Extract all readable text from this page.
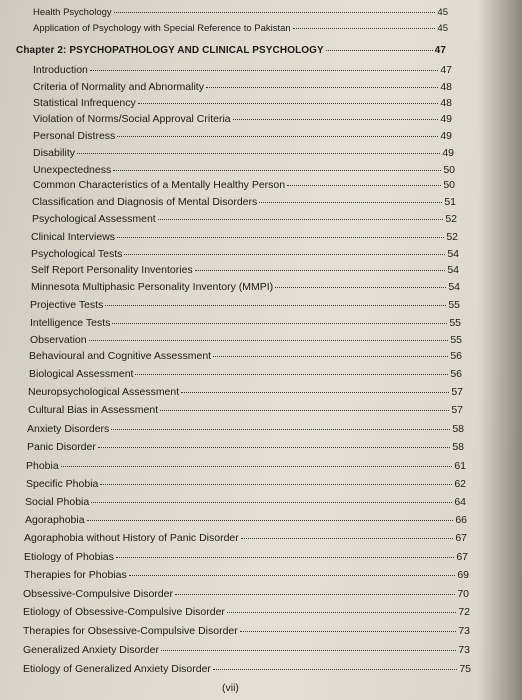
Health Psychology	45
Application of Psychology with Special Reference to Pakistan	45
Chapter 2: PSYCHOPATHOLOGY AND CLINICAL PSYCHOLOGY	47
Introduction	47
Criteria of Normality and Abnormality	48
Statistical Infrequency	48
Violation of Norms/Social Approval Criteria	49
Personal Distress	49
Disability	49
Unexpectedness	50
Common Characteristics of a Mentally Healthy Person	50
Classification and Diagnosis of Mental Disorders	51
Psychological Assessment	52
Clinical Interviews	52
Psychological Tests	54
Self Report Personality Inventories	54
Minnesota Multiphasic Personality Inventory (MMPI)	54
Projective Tests	55
Intelligence Tests	55
Observation	55
Behavioural and Cognitive Assessment	56
Biological Assessment	56
Neuropsychological Assessment	57
Cultural Bias in Assessment	57
Anxiety Disorders	58
Panic Disorder	58
Phobia	61
Specific Phobia	62
Social Phobia	64
Agoraphobia	66
Agoraphobia without History of Panic Disorder	67
Etiology of Phobias	67
Therapies for Phobias	69
Obsessive-Compulsive Disorder	70
Etiology of Obsessive-Compulsive Disorder	72
Therapies for Obsessive-Compulsive Disorder	73
Generalized Anxiety Disorder	73
Etiology of Generalized Anxiety Disorder	75
(vii)
